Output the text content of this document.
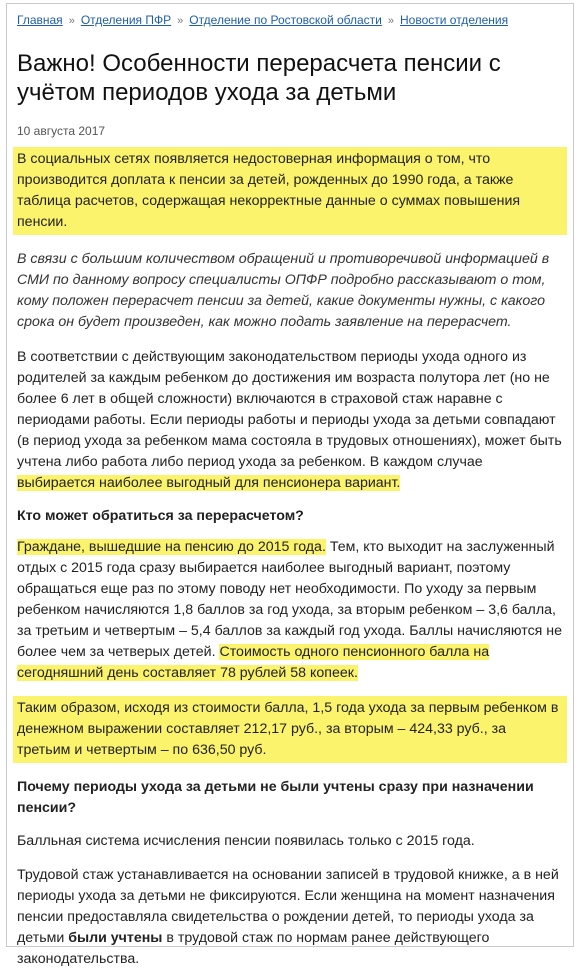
Главная » Отделения ПФР » Отделение по Ростовской области » Новости отделения
Важно! Особенности перерасчета пенсии с учётом периодов ухода за детьми
10 августа 2017

В социальных сетях появляется недостоверная информация о том, что производится доплата к пенсии за детей, рожденных до 1990 года, а также таблица расчетов, содержащая некорректные данные о суммах повышения пенсии.

В связи с большим количеством обращений и противоречивой информацией в СМИ по данному вопросу специалисты ОПФР подробно рассказывают о том, кому положен перерасчет пенсии за детей, какие документы нужны, с какого срока он будет произведен, как можно подать заявление на перерасчет.

В соответствии с действующим законодательством периоды ухода одного из родителей за каждым ребенком до достижения им возраста полутора лет (но не более 6 лет в общей сложности) включаются в страховой стаж наравне с периодами работы. Если периоды работы и периоды ухода за детьми совпадают (в период ухода за ребенком мама состояла в трудовых отношениях), может быть учтена либо работа либо период ухода за ребенком. В каждом случае выбирается наиболее выгодный для пенсионера вариант.

Кто может обратиться за перерасчетом?

Граждане, вышедшие на пенсию до 2015 года. Тем, кто выходит на заслуженный отдых с 2015 года сразу выбирается наиболее выгодный вариант, поэтому обращаться еще раз по этому поводу нет необходимости. По уходу за первым ребенком начисляются 1,8 баллов за год ухода, за вторым ребенком – 3,6 балла, за третьим и четвертым – 5,4 баллов за каждый год ухода. Баллы начисляются не более чем за четверых детей. Стоимость одного пенсионного балла на сегодняшний день составляет 78 рублей 58 копеек.

Таким образом, исходя из стоимости балла, 1,5 года ухода за первым ребенком в денежном выражении составляет 212,17 руб., за вторым – 424,33 руб., за третьим и четвертым – по 636,50 руб.

Почему периоды ухода за детьми не были учтены сразу при назначении пенсии?

Балльная система исчисления пенсии появилась только с 2015 года.

Трудовой стаж устанавливается на основании записей в трудовой книжке, а в ней периоды ухода за детьми не фиксируются. Если женщина на момент назначения пенсии предоставляла свидетельства о рождении детей, то периоды ухода за детьми были учтены в трудовой стаж по нормам ранее действующего законодательства.
